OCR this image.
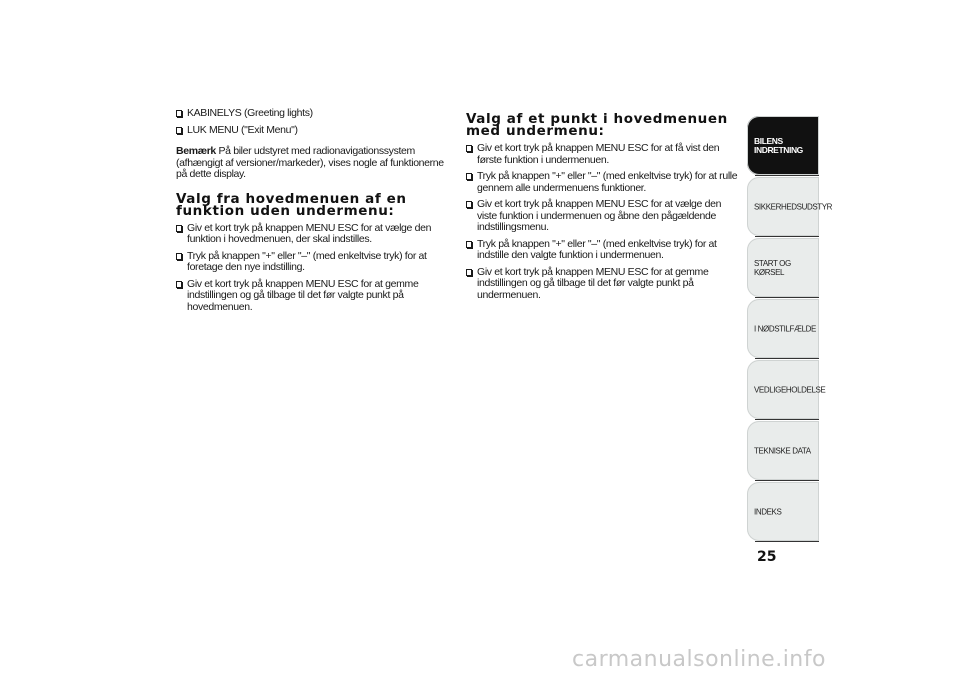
KABINELYS (Greeting lights)
LUK MENU ("Exit Menu")
Bemærk På biler udstyret med radionavigationssystem (afhængigt af versioner/markeder), vises nogle af funktionerne på dette display.
Valg fra hovedmenuen af en funktion uden undermenu:
Giv et kort tryk på knappen MENU ESC for at vælge den funktion i hovedmenuen, der skal indstilles.
Tryk på knappen "+" eller "–" (med enkeltvise tryk) for at foretage den nye indstilling.
Giv et kort tryk på knappen MENU ESC for at gemme indstillingen og gå tilbage til det før valgte punkt på hovedmenuen.
Valg af et punkt i hovedmenuen med undermenu:
Giv et kort tryk på knappen MENU ESC for at få vist den første funktion i undermenuen.
Tryk på knappen "+" eller "–" (med enkeltvise tryk) for at rulle gennem alle undermenuens funktioner.
Giv et kort tryk på knappen MENU ESC for at vælge den viste funktion i undermenuen og åbne den pågældende indstillingsmenu.
Tryk på knappen "+" eller "–" (med enkeltvise tryk) for at indstille den valgte funktion i undermenuen.
Giv et kort tryk på knappen MENU ESC for at gemme indstillingen og gå tilbage til det før valgte punkt på undermenuen.
BILENS INDRETNING
SIKKERHEDSUDSTYR
START OG KØRSEL
I NØDSTILFÆLDE
VEDLIGEHOLDELSE
TEKNISKE DATA
INDEKS
25
carmanualsonline.info
